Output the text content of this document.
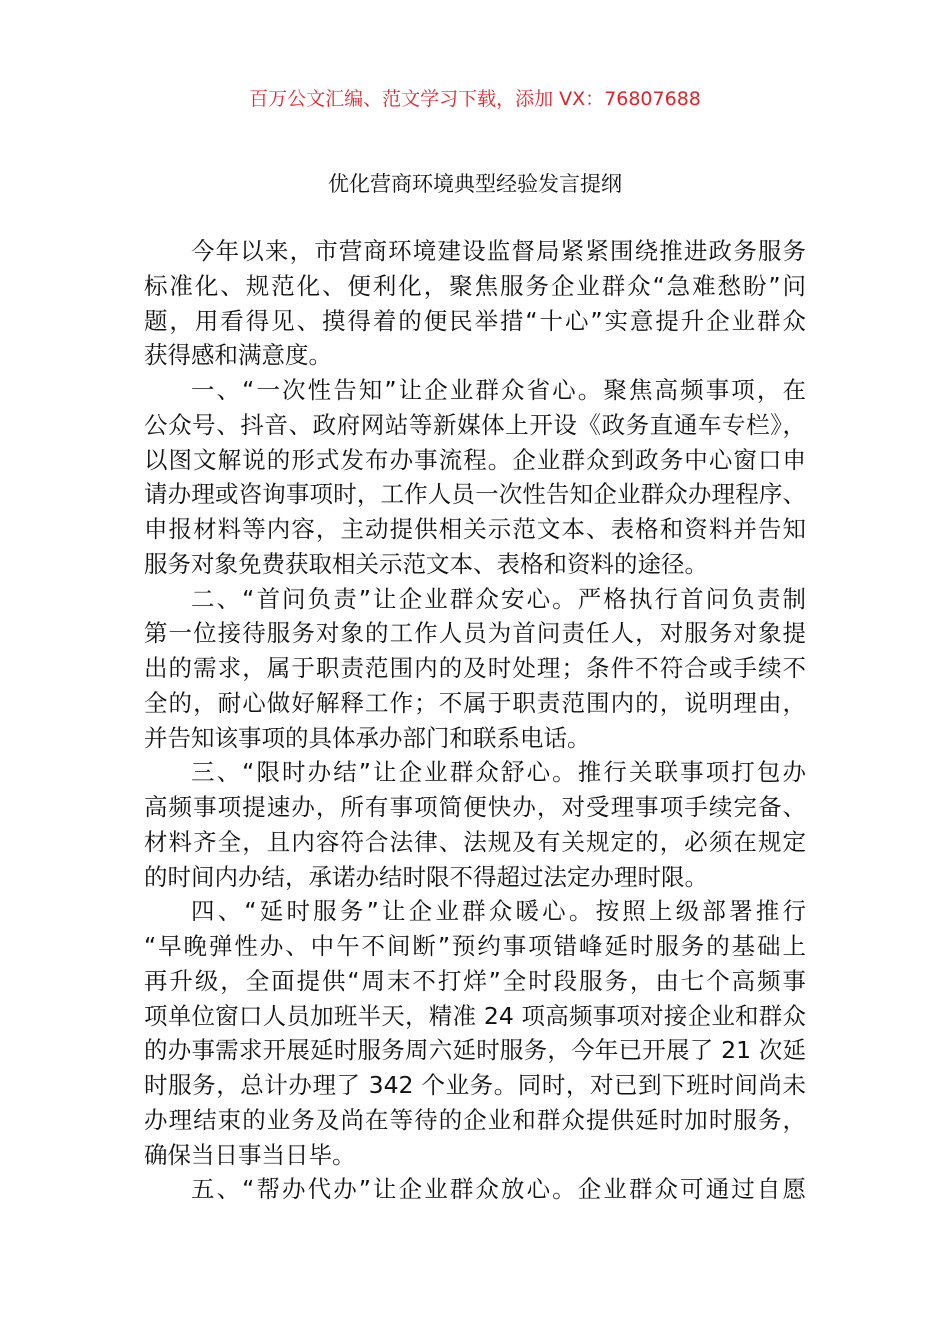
百万公文汇编、范文学习下载，添加 VX：76807688
优化营商环境典型经验发言提纲
今年以来，市营商环境建设监督局紧紧围绕推进政务服务
标准化、规范化、便利化，聚焦服务企业群众“急难愁盼”问
题，用看得见、摸得着的便民举措“十心”实意提升企业群众
获得感和满意度。
一、“一次性告知”让企业群众省心。聚焦高频事项，在
公众号、抖音、政府网站等新媒体上开设《政务直通车专栏》，
以图文解说的形式发布办事流程。企业群众到政务中心窗口申
请办理或咨询事项时，工作人员一次性告知企业群众办理程序、
申报材料等内容，主动提供相关示范文本、表格和资料并告知
服务对象免费获取相关示范文本、表格和资料的途径。
二、“首问负责”让企业群众安心。严格执行首问负责制
第一位接待服务对象的工作人员为首问责任人，对服务对象提
出的需求，属于职责范围内的及时处理；条件不符合或手续不
全的，耐心做好解释工作；不属于职责范围内的，说明理由，
并告知该事项的具体承办部门和联系电话。
三、“限时办结”让企业群众舒心。推行关联事项打包办
高频事项提速办，所有事项简便快办，对受理事项手续完备、
材料齐全，且内容符合法律、法规及有关规定的，必须在规定
的时间内办结，承诺办结时限不得超过法定办理时限。
四、“延时服务”让企业群众暖心。按照上级部署推行
“早晚弹性办、中午不间断”预约事项错峰延时服务的基础上
再升级，全面提供“周末不打烊”全时段服务，由七个高频事
项单位窗口人员加班半天，精准 24 项高频事项对接企业和群众
的办事需求开展延时服务周六延时服务，今年已开展了 21 次延
时服务，总计办理了 342 个业务。同时，对已到下班时间尚未
办理结束的业务及尚在等待的企业和群众提供延时加时服务，
确保当日事当日毕。
五、“帮办代办”让企业群众放心。企业群众可通过自愿
